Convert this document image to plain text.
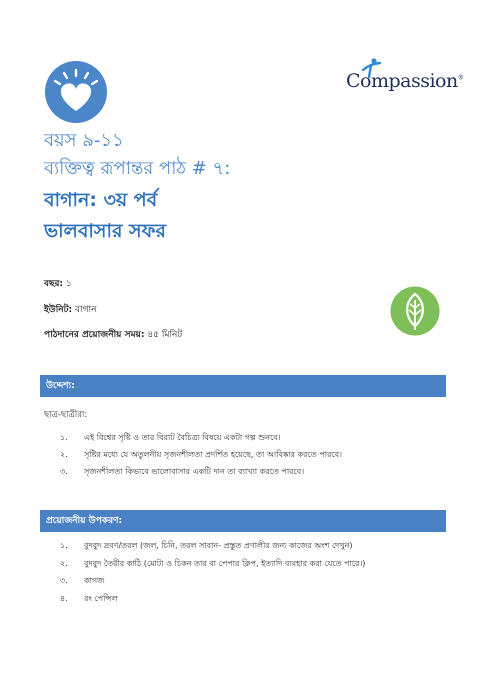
Compassion®
বয়স ৯-১১
ব্যক্তিত্ব রূপান্তর পাঠ # ৭:
বাগান: ৩য় পর্ব
ভালবাসার সফর
বছর: ১
ইউনিট: বাগান
পাঠদানের প্রয়োজনীয় সময়: ৪৫ মিনিট
উদ্দেশ্য:
ছাত্র-ছাত্রীরা:
১. এই বিশ্বের সৃষ্টি ও তার বিরাট বৈচিত্র্য বিষয়ে একটা গল্প শুনবে।
২. সৃষ্টির মধ্যে যে অতুলনীয় সৃজনশীলতা প্রদর্শিত হয়েছে, তা আবিষ্কার করতে পারবে।
৩. সৃজনশীলতা কিভাবে ভালোবাসার একটি দান তা ব্যাখ্যা করতে পারবে।
প্রয়োজনীয় উপকরণ:
১. বুদবুদ দ্রবণ/তরল (জল, চিনি, তরল সাবান- প্রস্তুত প্রণালীর জন্য কাজের অংশ দেখুন)
২. বুদবুদ তৈরীর কাঠি (মোটা ও চিকন তার বা পেপার ক্লিপ, ইত্যাদি ব্যবহার করা যেতে পারে।)
৩. কাগজ
৪. রং পেন্সিল
